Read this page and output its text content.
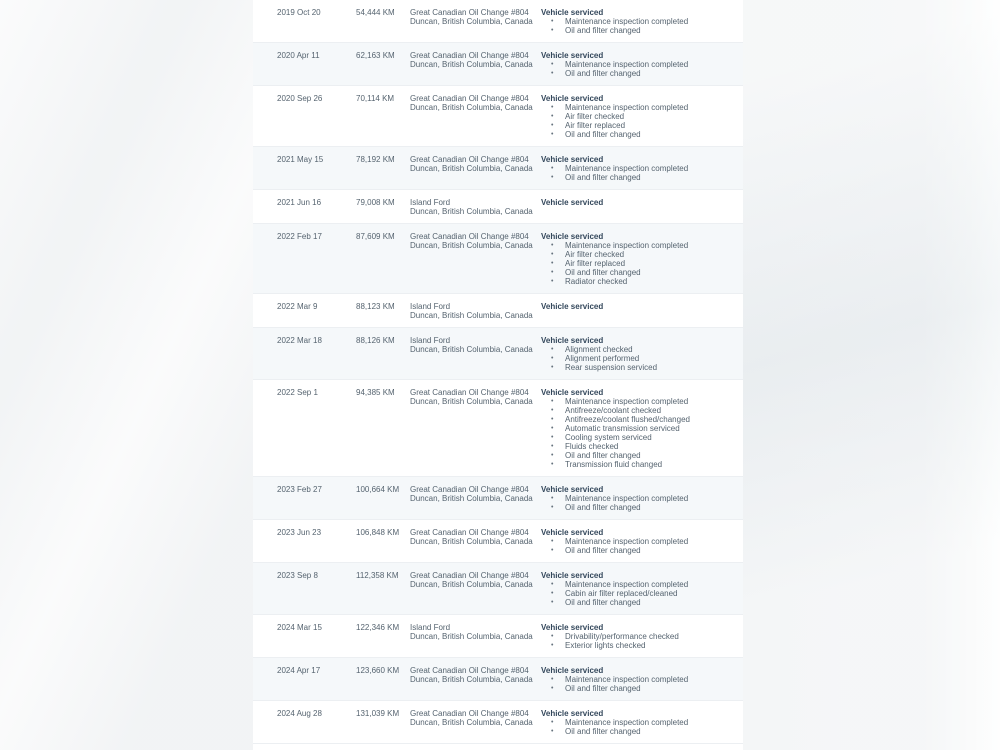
2019 Oct 20	54,444 KM	Great Canadian Oil Change #804
Duncan, British Columbia, Canada
Vehicle serviced
• Maintenance inspection completed
• Oil and filter changed
2020 Apr 11	62,163 KM	Great Canadian Oil Change #804
Duncan, British Columbia, Canada
Vehicle serviced
• Maintenance inspection completed
• Oil and filter changed
2020 Sep 26	70,114 KM	Great Canadian Oil Change #804
Duncan, British Columbia, Canada
Vehicle serviced
• Maintenance inspection completed
• Air filter checked
• Air filter replaced
• Oil and filter changed
2021 May 15	78,192 KM	Great Canadian Oil Change #804
Duncan, British Columbia, Canada
Vehicle serviced
• Maintenance inspection completed
• Oil and filter changed
2021 Jun 16	79,008 KM	Island Ford
Duncan, British Columbia, Canada
Vehicle serviced
2022 Feb 17	87,609 KM	Great Canadian Oil Change #804
Duncan, British Columbia, Canada
Vehicle serviced
• Maintenance inspection completed
• Air filter checked
• Air filter replaced
• Oil and filter changed
• Radiator checked
2022 Mar 9	88,123 KM	Island Ford
Duncan, British Columbia, Canada
Vehicle serviced
2022 Mar 18	88,126 KM	Island Ford
Duncan, British Columbia, Canada
Vehicle serviced
• Alignment checked
• Alignment performed
• Rear suspension serviced
2022 Sep 1	94,385 KM	Great Canadian Oil Change #804
Duncan, British Columbia, Canada
Vehicle serviced
• Maintenance inspection completed
• Antifreeze/coolant checked
• Antifreeze/coolant flushed/changed
• Automatic transmission serviced
• Cooling system serviced
• Fluids checked
• Oil and filter changed
• Transmission fluid changed
2023 Feb 27	100,664 KM	Great Canadian Oil Change #804
Duncan, British Columbia, Canada
Vehicle serviced
• Maintenance inspection completed
• Oil and filter changed
2023 Jun 23	106,848 KM	Great Canadian Oil Change #804
Duncan, British Columbia, Canada
Vehicle serviced
• Maintenance inspection completed
• Oil and filter changed
2023 Sep 8	112,358 KM	Great Canadian Oil Change #804
Duncan, British Columbia, Canada
Vehicle serviced
• Maintenance inspection completed
• Cabin air filter replaced/cleaned
• Oil and filter changed
2024 Mar 15	122,346 KM	Island Ford
Duncan, British Columbia, Canada
Vehicle serviced
• Drivability/performance checked
• Exterior lights checked
2024 Apr 17	123,660 KM	Great Canadian Oil Change #804
Duncan, British Columbia, Canada
Vehicle serviced
• Maintenance inspection completed
• Oil and filter changed
2024 Aug 28	131,039 KM	Great Canadian Oil Change #804
Duncan, British Columbia, Canada
Vehicle serviced
• Maintenance inspection completed
• Oil and filter changed
